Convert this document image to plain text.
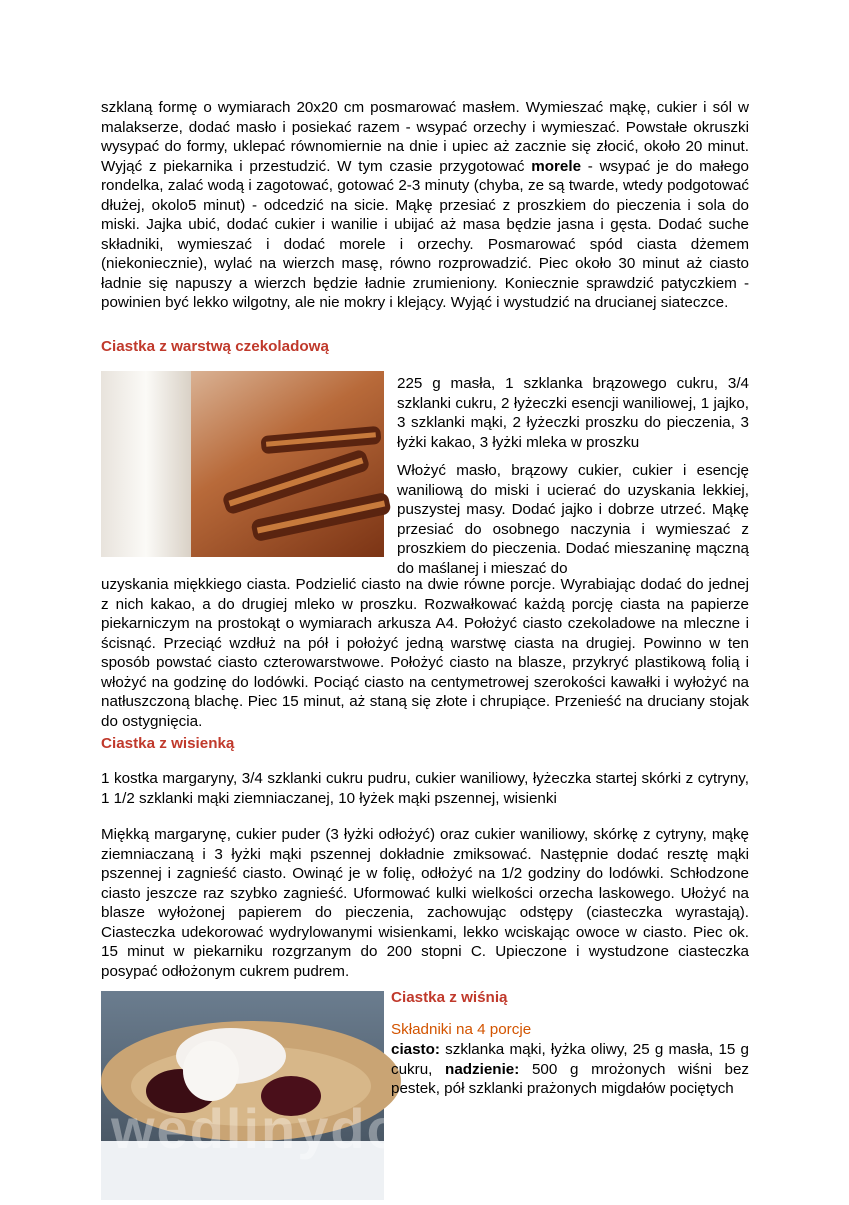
szklaną formę o wymiarach 20x20 cm posmarować masłem. Wymieszać mąkę, cukier i sól w malakserze, dodać masło i posiekać razem - wsypać orzechy i wymieszać. Powstałe okruszki wysypać do formy, uklepać równomiernie na dnie i upiec aż zacznie się złocić, około 20 minut. Wyjąć z piekarnika i przestudzić. W tym czasie przygotować morele - wsypać je do małego rondelka, zalać wodą i zagotować, gotować 2-3 minuty (chyba, ze są twarde, wtedy podgotować dłużej, okolo5 minut) - odcedzić na sicie. Mąkę przesiać z proszkiem do pieczenia i sola do miski. Jajka ubić, dodać cukier i wanilie i ubijać aż masa będzie jasna i gęsta. Dodać suche składniki, wymieszać i dodać morele i orzechy. Posmarować spód ciasta dżemem (niekoniecznie), wylać na wierzch masę, równo rozprowadzić. Piec około 30 minut aż ciasto ładnie się napuszy a wierzch będzie ładnie zrumieniony. Koniecznie sprawdzić patyczkiem - powinien być lekko wilgotny, ale nie mokry i klejący. Wyjąć i wystudzić na drucianej siateczce.
Ciastka z warstwą czekoladową
225 g masła, 1 szklanka brązowego cukru, 3/4 szklanki cukru, 2 łyżeczki esencji waniliowej, 1 jajko, 3 szklanki mąki, 2 łyżeczki proszku do pieczenia, 3 łyżki kakao, 3 łyżki mleka w proszku
Włożyć masło, brązowy cukier, cukier i esencję waniliową do miski i ucierać do uzyskania lekkiej, puszystej masy. Dodać jajko i dobrze utrzeć. Mąkę przesiać do osobnego naczynia i wymieszać z proszkiem do pieczenia. Dodać mieszaninę mączną do maślanej i mieszać do
uzyskania miękkiego ciasta. Podzielić ciasto na dwie równe porcje. Wyrabiając dodać do jednej z nich kakao, a do drugiej mleko w proszku. Rozwałkować każdą porcję ciasta na papierze piekarniczym na prostokąt o wymiarach arkusza A4. Położyć ciasto czekoladowe na mleczne i ścisnąć. Przeciąć wzdłuż na pół i położyć jedną warstwę ciasta na drugiej. Powinno w ten sposób powstać ciasto czterowarstwowe. Położyć ciasto na blasze, przykryć plastikową folią i włożyć na godzinę do lodówki. Pociąć ciasto na centymetrowej szerokości kawałki i wyłożyć na natłuszczoną blachę. Piec 15 minut, aż staną się złote i chrupiące. Przenieść na druciany stojak do ostygnięcia.
Ciastka z wisienką
1 kostka margaryny, 3/4 szklanki cukru pudru, cukier waniliowy, łyżeczka startej skórki z cytryny, 1 1/2 szklanki mąki ziemniaczanej, 10 łyżek mąki pszennej, wisienki
Miękką margarynę, cukier puder (3 łyżki odłożyć) oraz cukier waniliowy, skórkę z cytryny, mąkę ziemniaczaną i 3 łyżki mąki pszennej dokładnie zmiksować. Następnie dodać resztę mąki pszennej i zagnieść ciasto. Owinąć je w folię, odłożyć na 1/2 godziny do lodówki. Schłodzone ciasto jeszcze raz szybko zagnieść. Uformować kulki wielkości orzecha laskowego. Ułożyć na blasze wyłożonej papierem do pieczenia, zachowując odstępy (ciasteczka wyrastają). Ciasteczka udekorować wydrylowanymi wisienkami, lekko wciskając owoce w ciasto. Piec ok. 15 minut w piekarniku rozgrzanym do 200 stopni C. Upieczone i wystudzone ciasteczka posypać odłożonym cukrem pudrem.
wedlinydomowe.pl
Ciastka z wiśnią
Składniki na 4 porcje
ciasto: szklanka mąki, łyżka oliwy, 25 g masła, 15 g cukru, nadzienie: 500 g mrożonych wiśni bez pestek, pół szklanki prażonych migdałów pociętych
